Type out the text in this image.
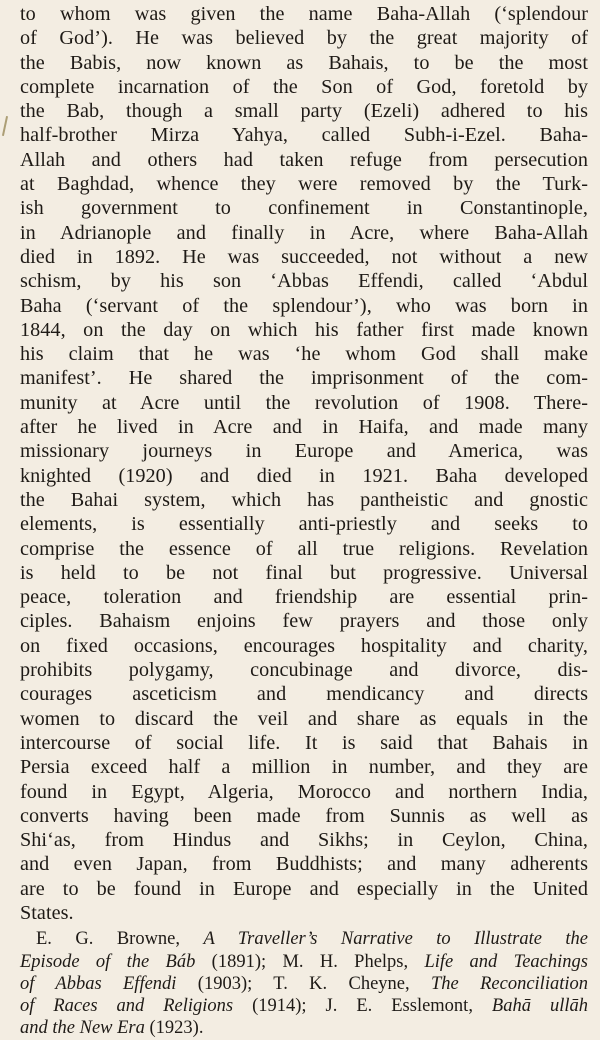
to whom was given the name Baha-Allah (‘splendour
of God’). He was believed by the great majority of
the Babis, now known as Bahais, to be the most
complete incarnation of the Son of God, foretold by
the Bab, though a small party (Ezeli) adhered to his
half-brother Mirza Yahya, called Subh-i-Ezel. Baha-
Allah and others had taken refuge from persecution
at Baghdad, whence they were removed by the Turk-
ish government to confinement in Constantinople,
in Adrianople and finally in Acre, where Baha-Allah
died in 1892. He was succeeded, not without a new
schism, by his son ‘Abbas Effendi, called ‘Abdul
Baha (‘servant of the splendour’), who was born in
1844, on the day on which his father first made known
his claim that he was ‘he whom God shall make
manifest’. He shared the imprisonment of the com-
munity at Acre until the revolution of 1908. There-
after he lived in Acre and in Haifa, and made many
missionary journeys in Europe and America, was
knighted (1920) and died in 1921. Baha developed
the Bahai system, which has pantheistic and gnostic
elements, is essentially anti-priestly and seeks to
comprise the essence of all true religions. Revelation
is held to be not final but progressive. Universal
peace, toleration and friendship are essential prin-
ciples. Bahaism enjoins few prayers and those only
on fixed occasions, encourages hospitality and charity,
prohibits polygamy, concubinage and divorce, dis-
courages asceticism and mendicancy and directs
women to discard the veil and share as equals in the
intercourse of social life. It is said that Bahais in
Persia exceed half a million in number, and they are
found in Egypt, Algeria, Morocco and northern India,
converts having been made from Sunnis as well as
Shi‘as, from Hindus and Sikhs; in Ceylon, China,
and even Japan, from Buddhists; and many adherents
are to be found in Europe and especially in the United
States.
E. G. Browne, A Traveller’s Narrative to Illustrate the
Episode of the Báb (1891); M. H. Phelps, Life and Teachings
of Abbas Effendi (1903); T. K. Cheyne, The Reconciliation
of Races and Religions (1914); J. E. Esslemont, Bahā ullāh
and the New Era (1923).
